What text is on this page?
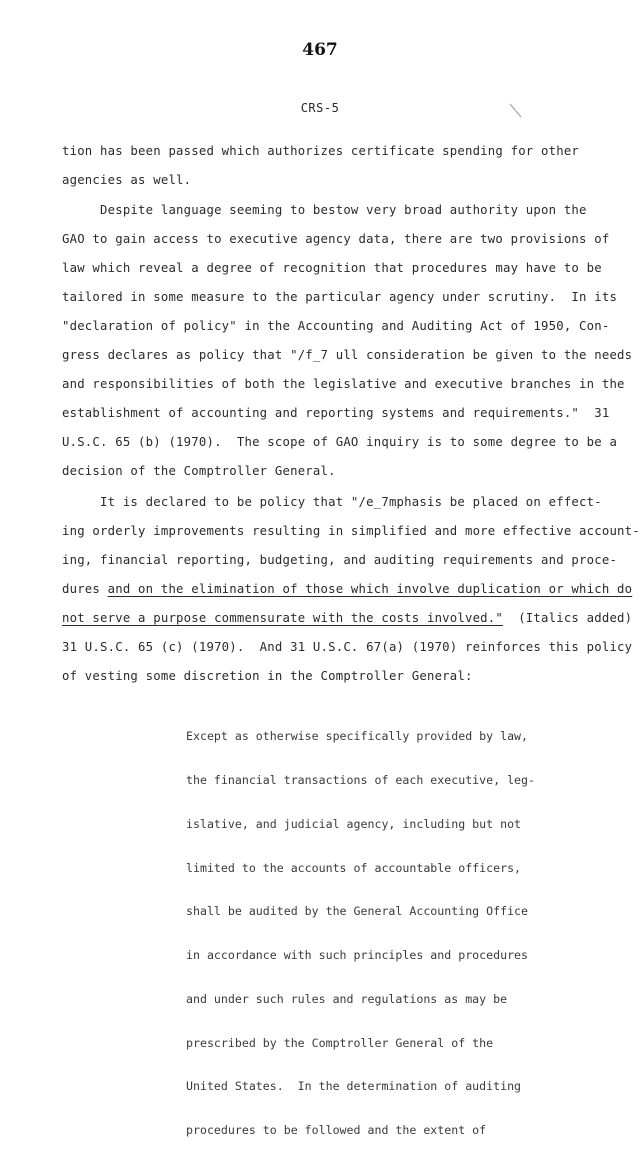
467
CRS-5
tion has been passed which authorizes certificate spending for other
agencies as well.
Despite language seeming to bestow very broad authority upon the
GAO to gain access to executive agency data, there are two provisions of
law which reveal a degree of recognition that procedures may have to be
tailored in some measure to the particular agency under scrutiny.  In its
"declaration of policy" in the Accounting and Auditing Act of 1950, Con-
gress declares as policy that "/f_7 ull consideration be given to the needs
and responsibilities of both the legislative and executive branches in the
establishment of accounting and reporting systems and requirements."  31
U.S.C. 65 (b) (1970).  The scope of GAO inquiry is to some degree to be a
decision of the Comptroller General.
It is declared to be policy that "/e_7mphasis be placed on effect-
ing orderly improvements resulting in simplified and more effective account-
ing, financial reporting, budgeting, and auditing requirements and proce-
dures and on the elimination of those which involve duplication or which do
not serve a purpose commensurate with the costs involved."  (Italics added)
31 U.S.C. 65 (c) (1970).  And 31 U.S.C. 67(a) (1970) reinforces this policy
of vesting some discretion in the Comptroller General:

Except as otherwise specifically provided by law,

the financial transactions of each executive, leg-

islative, and judicial agency, including but not

limited to the accounts of accountable officers,

shall be audited by the General Accounting Office

in accordance with such principles and procedures

and under such rules and regulations as may be

prescribed by the Comptroller General of the

United States.  In the determination of auditing

procedures to be followed and the extent of
